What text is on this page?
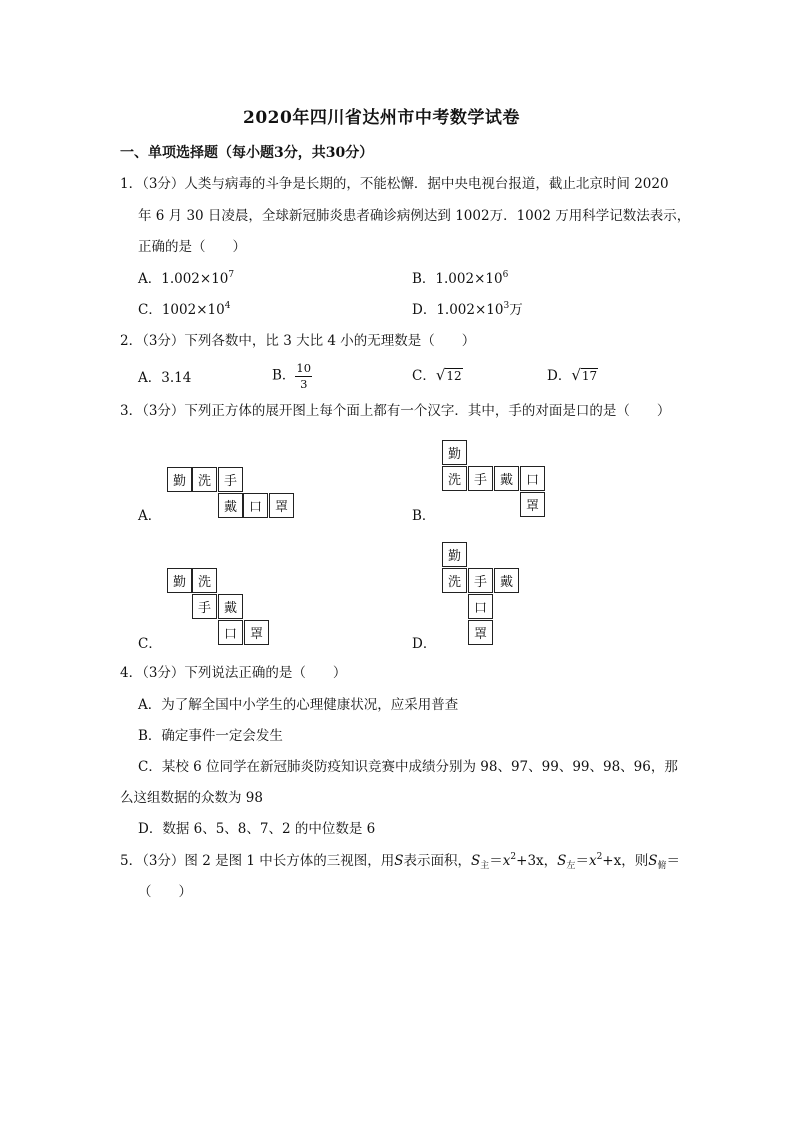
2020年四川省达州市中考数学试卷
一、单项选择题（每小题3分，共30分）
1．（3分）人类与病毒的斗争是长期的，不能松懈．据中央电视台报道，截止北京时间 2020
年 6 月 30 日凌晨，全球新冠肺炎患者确诊病例达到 1002万．1002 万用科学记数法表示，
正确的是（　　）
A．$1.002\times 10^7$	B．$1.002\times 10^6$
C．$1002\times 10^4$	D．$1.002\times 10^3$万
2．（3分）下列各数中，比 3 大比 4 小的无理数是（　　）
A．3.14	B． $\frac{10}{3}$	C． √ 12	D． √ 17
3．（3分）下列正方体的展开图上每个面上都有一个汉字．其中，手的对面是口的是（　　）
勤 洗 手
戴 口 罩
A．
勤
洗 手 戴 口
罩
B．
勤 洗
手 戴
口 罩
C．
勤
洗 手 戴
口
罩
D．
4．（3分）下列说法正确的是（　　）
A．为了解全国中小学生的心理健康状况，应采用普查
B．确定事件一定会发生
C．某校 6 位同学在新冠肺炎防疫知识竞赛中成绩分别为 98、97、99、99、98、96，那
么这组数据的众数为 98
D．数据 6、5、8、7、2 的中位数是 6
5．（3分）图 2 是图 1 中长方体的三视图，用S表示面积，$S_主=x^2+3x$，$S_左=x^2+x$，则$S_俯=$
（　　）
